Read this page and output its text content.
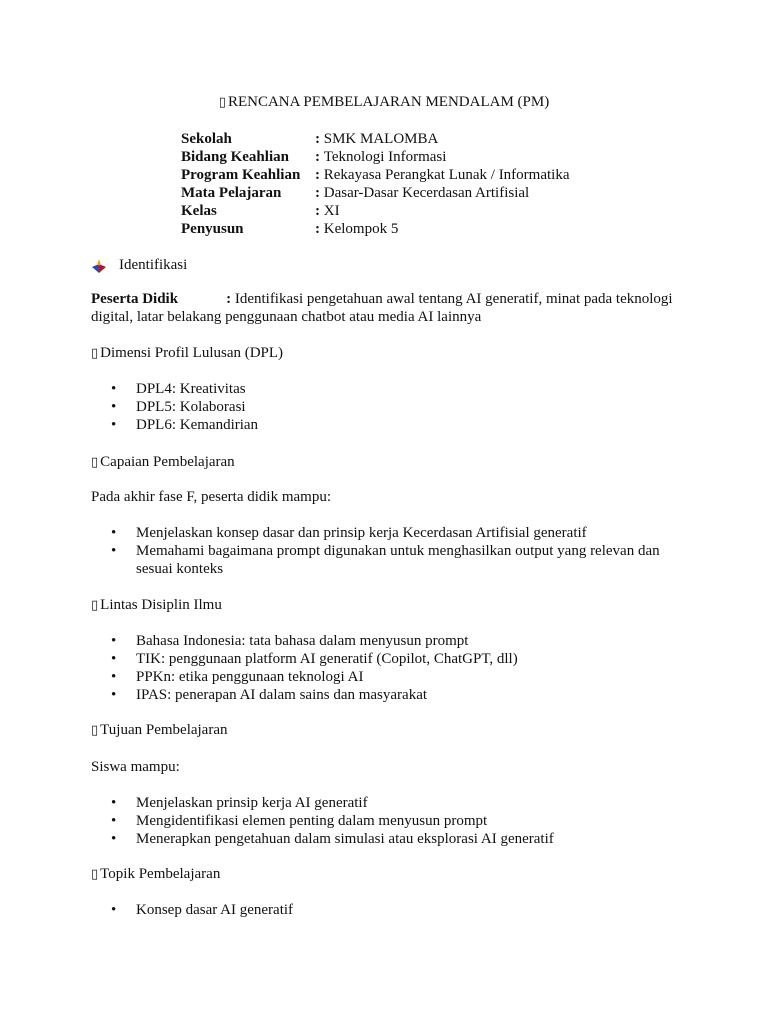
▯ RENCANA PEMBELAJARAN MENDALAM (PM)
Sekolah	: SMK MALOMBA
Bidang Keahlian	: Teknologi Informasi
Program Keahlian	: Rekayasa Perangkat Lunak / Informatika
Mata Pelajaran	: Dasar-Dasar Kecerdasan Artifisial
Kelas	: XI
Penyusun	: Kelompok 5
Identifikasi
Peserta Didik	: Identifikasi pengetahuan awal tentang AI generatif, minat pada teknologi digital, latar belakang penggunaan chatbot atau media AI lainnya
▯ Dimensi Profil Lulusan (DPL)
• DPL4: Kreativitas
• DPL5: Kolaborasi
• DPL6: Kemandirian
▯ Capaian Pembelajaran
Pada akhir fase F, peserta didik mampu:
• Menjelaskan konsep dasar dan prinsip kerja Kecerdasan Artifisial generatif
• Memahami bagaimana prompt digunakan untuk menghasilkan output yang relevan dan sesuai konteks
▯ Lintas Disiplin Ilmu
• Bahasa Indonesia: tata bahasa dalam menyusun prompt
• TIK: penggunaan platform AI generatif (Copilot, ChatGPT, dll)
• PPKn: etika penggunaan teknologi AI
• IPAS: penerapan AI dalam sains dan masyarakat
▯ Tujuan Pembelajaran
Siswa mampu:
• Menjelaskan prinsip kerja AI generatif
• Mengidentifikasi elemen penting dalam menyusun prompt
• Menerapkan pengetahuan dalam simulasi atau eksplorasi AI generatif
▯ Topik Pembelajaran
• Konsep dasar AI generatif
